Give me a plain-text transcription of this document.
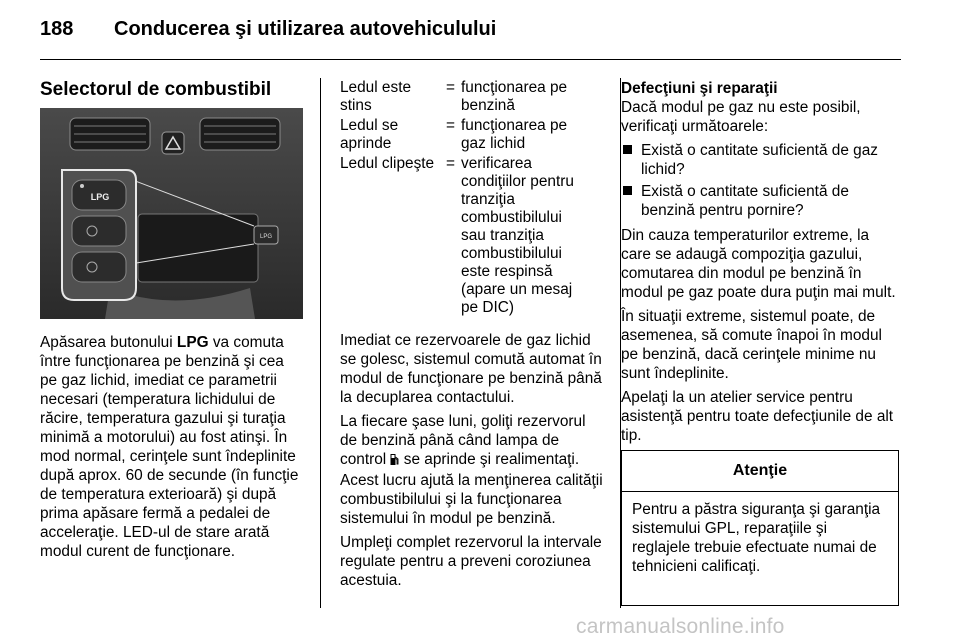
188 Conducerea şi utilizarea autovehiculului
Selectorul de combustibil
LPG
LPG

Apăsarea butonului LPG va comuta între funcţionarea pe benzină şi cea pe gaz lichid, imediat ce parametrii necesari (temperatura lichidului de răcire, temperatura gazului şi turaţia minimă a motorului) au fost atinşi. În mod normal, cerinţele sunt îndeplinite după aprox. 60 de secunde (în funcţie de temperatura exterioară) şi după prima apăsare fermă a pedalei de acceleraţie. LED-ul de stare arată modul curent de funcţionare.

Ledul este stins	=	funcţionarea pe benzină
Ledul se aprinde	=	funcţionarea pe gaz lichid
Ledul clipeşte	=	verificarea condiţiilor pentru tranziţia combustibilului sau tranziţia combustibilului este respinsă (apare un mesaj pe DIC)

Imediat ce rezervoarele de gaz lichid se golesc, sistemul comută automat în modul de funcţionare pe benzină până la decuplarea contactului.

La fiecare şase luni, goliţi rezervorul de benzină până când lampa de control  se aprinde şi realimentaţi. Acest lucru ajută la menţinerea calităţii combustibilului şi la funcţionarea sistemului în modul pe benzină.

Umpleţi complet rezervorul la intervale regulate pentru a preveni coroziunea acestuia.

Defecţiuni şi reparaţii

Dacă modul pe gaz nu este posibil, verificaţi următoarele:

Există o cantitate suficientă de gaz lichid?
Există o cantitate suficientă de benzină pentru pornire?

Din cauza temperaturilor extreme, la care se adaugă compoziţia gazului, comutarea din modul pe benzină în modul pe gaz poate dura puţin mai mult.

În situaţii extreme, sistemul poate, de asemenea, să comute înapoi în modul pe benzină, dacă cerinţele minime nu sunt îndeplinite.

Apelaţi la un atelier service pentru asistenţă pentru toate defecţiunile de alt tip.

Atenţie
Pentru a păstra siguranţa şi garanţia sistemului GPL, reparaţiile şi reglajele trebuie efectuate numai de tehnicieni calificaţi.
carmanualsonline.info
